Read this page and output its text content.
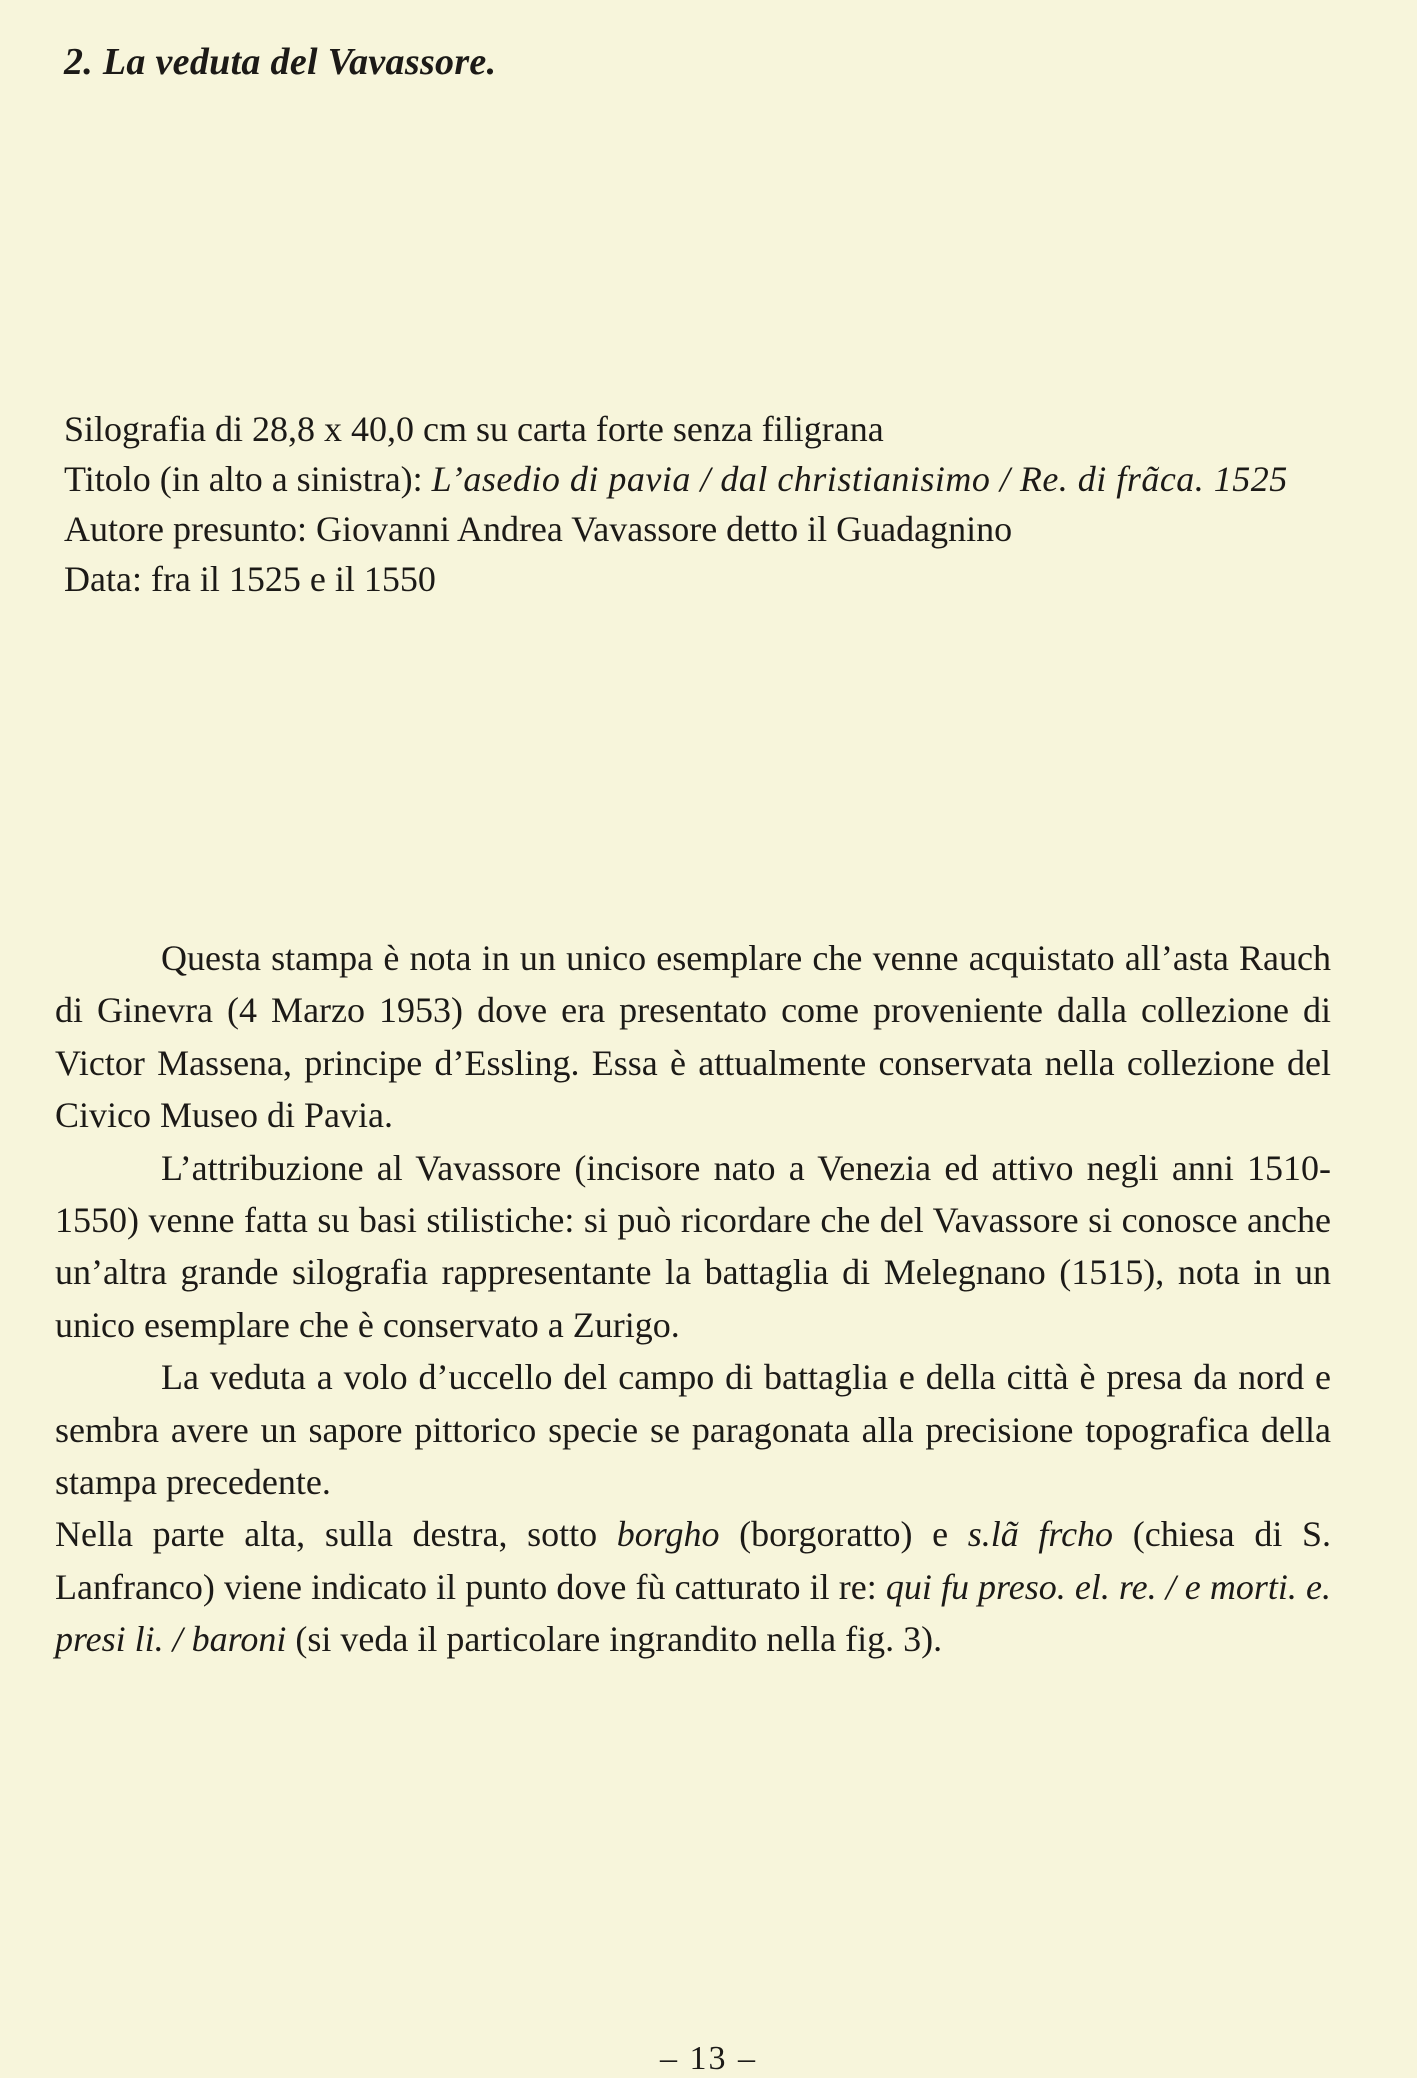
2. La veduta del Vavassore.

Silografia di 28,8 x 40,0 cm su carta forte senza filigrana

Titolo (in alto a sinistra): L’asedio di pavia / dal christianisimo / Re. di frãca. 1525

Autore presunto: Giovanni Andrea Vavassore detto il Guadagnino

Data: fra il 1525 e il 1550

Questa stampa è nota in un unico esemplare che venne acquistato all’asta Rauch di Ginevra (4 Marzo 1953) dove era presentato come proveniente dalla collezione di Victor Massena, principe d’Essling. Essa è attualmente conservata nella collezione del Civico Museo di Pavia.

L’attribuzione al Vavassore (incisore nato a Venezia ed attivo negli anni 1510-1550) venne fatta su basi stilistiche: si può ricordare che del Vavassore si conosce anche un’altra grande silografia rappresentante la battaglia di Melegnano (1515), nota in un unico esemplare che è conservato a Zurigo.

La veduta a volo d’uccello del campo di battaglia e della città è presa da nord e sembra avere un sapore pittorico specie se paragonata alla precisione topografica della stampa precedente.

Nella parte alta, sulla destra, sotto borgho (borgoratto) e s.lã frcho (chiesa di S. Lanfranco) viene indicato il punto dove fù catturato il re: qui fu preso. el. re. / e morti. e. presi li. / baroni (si veda il particolare ingrandito nella fig. 3).

– 13 –
